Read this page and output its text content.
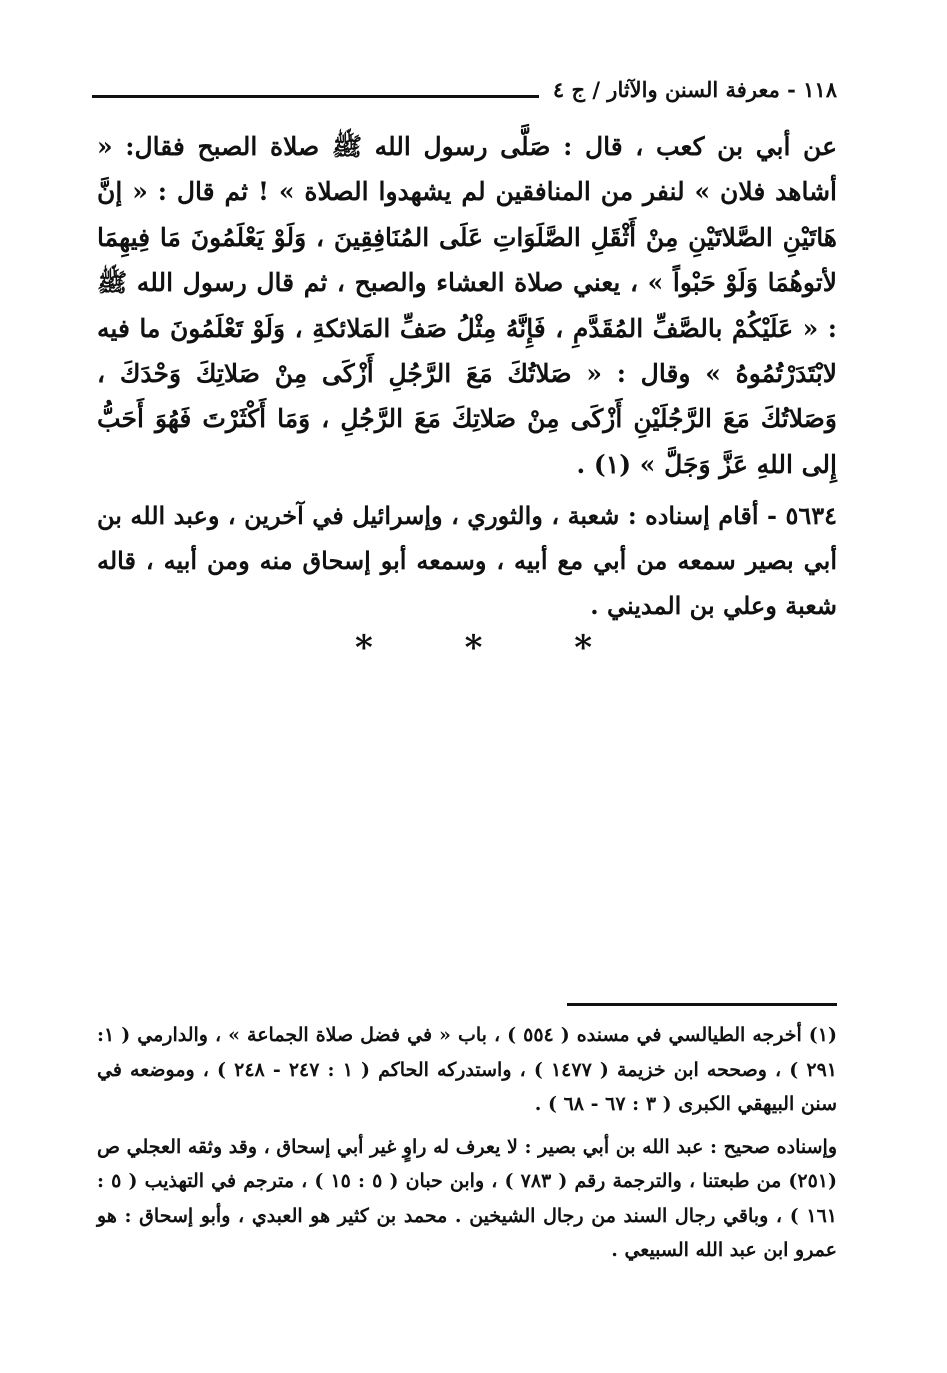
١١٨ - معرفة السنن والآثار / ج ٤

عن أبي بن كعب ، قال : صَلَّى رسول الله ﷺ صلاة الصبح فقال: « أشاهد فلان » لنفر من المنافقين لم يشهدوا الصلاة » ! ثم قال : « إنَّ هَاتَيْنِ الصَّلاتَيْنِ مِنْ أَثْقَلِ الصَّلَوَاتِ عَلَى المُنَافِقِينَ ، وَلَوْ يَعْلَمُونَ مَا فِيهِمَا لأتوهُمَا وَلَوْ حَبْواً » ، يعني صلاة العشاء والصبح ، ثم قال رسول الله ﷺ : « عَلَيْكُمْ بالصَّفِّ المُقَدَّمِ ، فَإِنَّهُ مِثْلُ صَفِّ المَلائكةِ ، وَلَوْ تَعْلَمُونَ ما فيه لابْتَدَرْتُمُوهُ » وقال : « صَلاتُكَ مَعَ الرَّجُلِ أَزْكَى مِنْ صَلاتِكَ وَحْدَكَ ، وَصَلاتُكَ مَعَ الرَّجُلَيْنِ أَزْكَى مِنْ صَلاتِكَ مَعَ الرَّجُلِ ، وَمَا أَكْثَرْتَ فَهُوَ أَحَبُّ إِلى اللهِ عَزَّ وَجَلَّ » (١) .

٥٦٣٤ - أقام إسناده : شعبة ، والثوري ، وإسرائيل في آخرين ، وعبد الله بن أبي بصير سمعه من أبي مع أبيه ، وسمعه أبو إسحاق منه ومن أبيه ، قاله شعبة وعلي بن المديني .

* * *

(١) أخرجه الطيالسي في مسنده ( ٥٥٤ ) ، باب « في فضل صلاة الجماعة » ، والدارمي ( ١: ٢٩١ ) ، وصححه ابن خزيمة ( ١٤٧٧ ) ، واستدركه الحاكم ( ١ : ٢٤٧ - ٢٤٨ ) ، وموضعه في سنن البيهقي الكبرى ( ٣ : ٦٧ - ٦٨ ) .

وإسناده صحيح : عبد الله بن أبي بصير : لا يعرف له راوٍ غير أبي إسحاق ، وقد وثقه العجلي ص (٢٥١) من طبعتنا ، والترجمة رقم ( ٧٨٣ ) ، وابن حبان ( ٥ : ١٥ ) ، مترجم في التهذيب ( ٥ : ١٦١ ) ، وباقي رجال السند من رجال الشيخين . محمد بن كثير هو العبدي ، وأبو إسحاق : هو عمرو ابن عبد الله السبيعي .
